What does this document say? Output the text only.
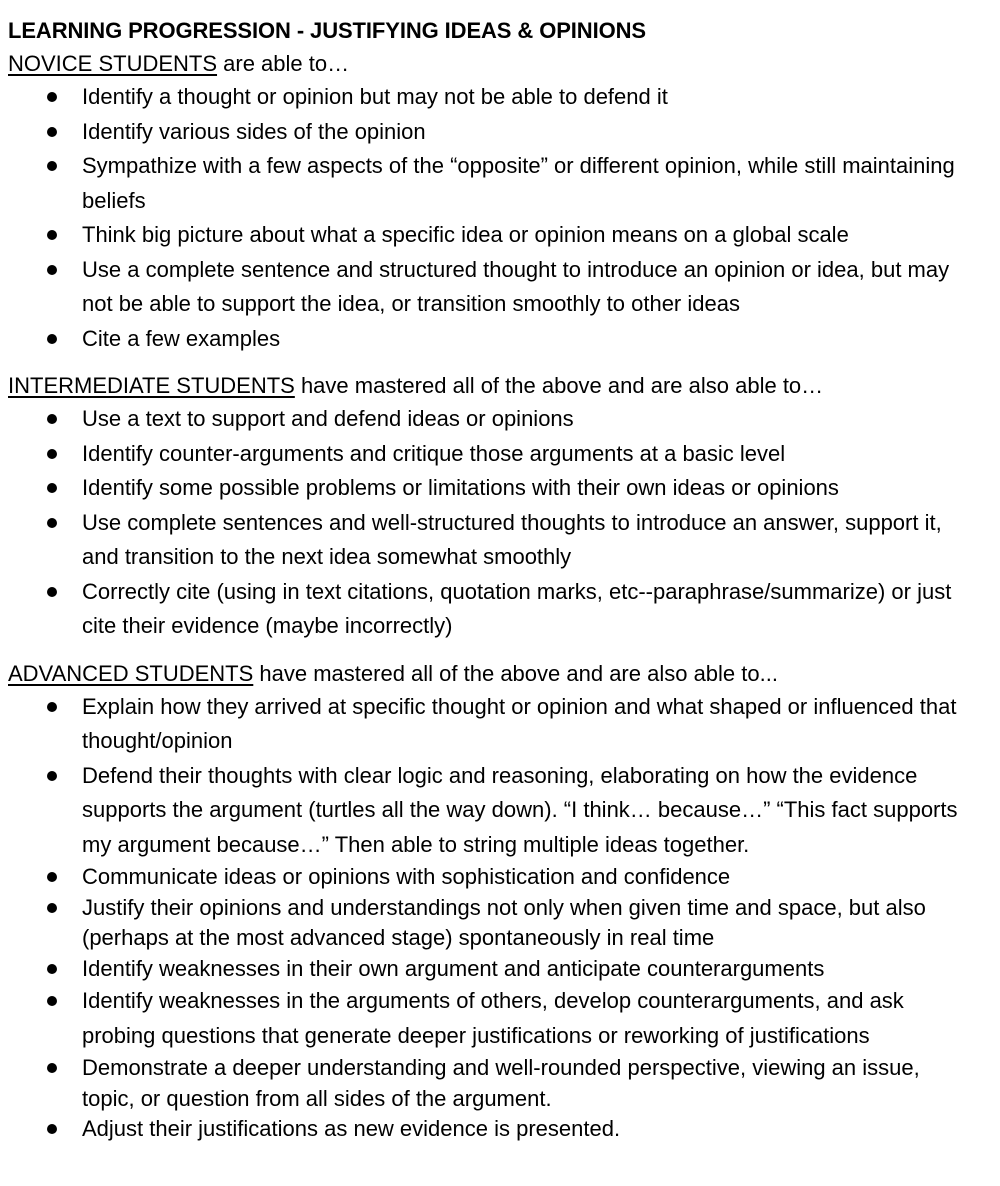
LEARNING PROGRESSION - JUSTIFYING IDEAS & OPINIONS

NOVICE STUDENTS are able to…

Identify a thought or opinion but may not be able to defend it
Identify various sides of the opinion
Sympathize with a few aspects of the “opposite” or different opinion, while still maintaining beliefs
Think big picture about what a specific idea or opinion means on a global scale
Use a complete sentence and structured thought to introduce an opinion or idea, but may not be able to support the idea, or transition smoothly to other ideas
Cite a few examples

INTERMEDIATE STUDENTS have mastered all of the above and are also able to…

Use a text to support and defend ideas or opinions
Identify counter-arguments and critique those arguments at a basic level
Identify some possible problems or limitations with their own ideas or opinions
Use complete sentences and well-structured thoughts to introduce an answer, support it, and transition to the next idea somewhat smoothly
Correctly cite (using in text citations, quotation marks, etc--paraphrase/summarize) or just cite their evidence (maybe incorrectly)

ADVANCED STUDENTS have mastered all of the above and are also able to...

Explain how they arrived at specific thought or opinion and what shaped or influenced that thought/opinion
Defend their thoughts with clear logic and reasoning, elaborating on how the evidence supports the argument (turtles all the way down). “I think… because…” “This fact supports my argument because…” Then able to string multiple ideas together.
Communicate ideas or opinions with sophistication and confidence
Justify their opinions and understandings not only when given time and space, but also (perhaps at the most advanced stage) spontaneously in real time
Identify weaknesses in their own argument and anticipate counterarguments
Identify weaknesses in the arguments of others, develop counterarguments, and ask probing questions that generate deeper justifications or reworking of justifications
Demonstrate a deeper understanding and well-rounded perspective, viewing an issue, topic, or question from all sides of the argument.
Adjust their justifications as new evidence is presented.
